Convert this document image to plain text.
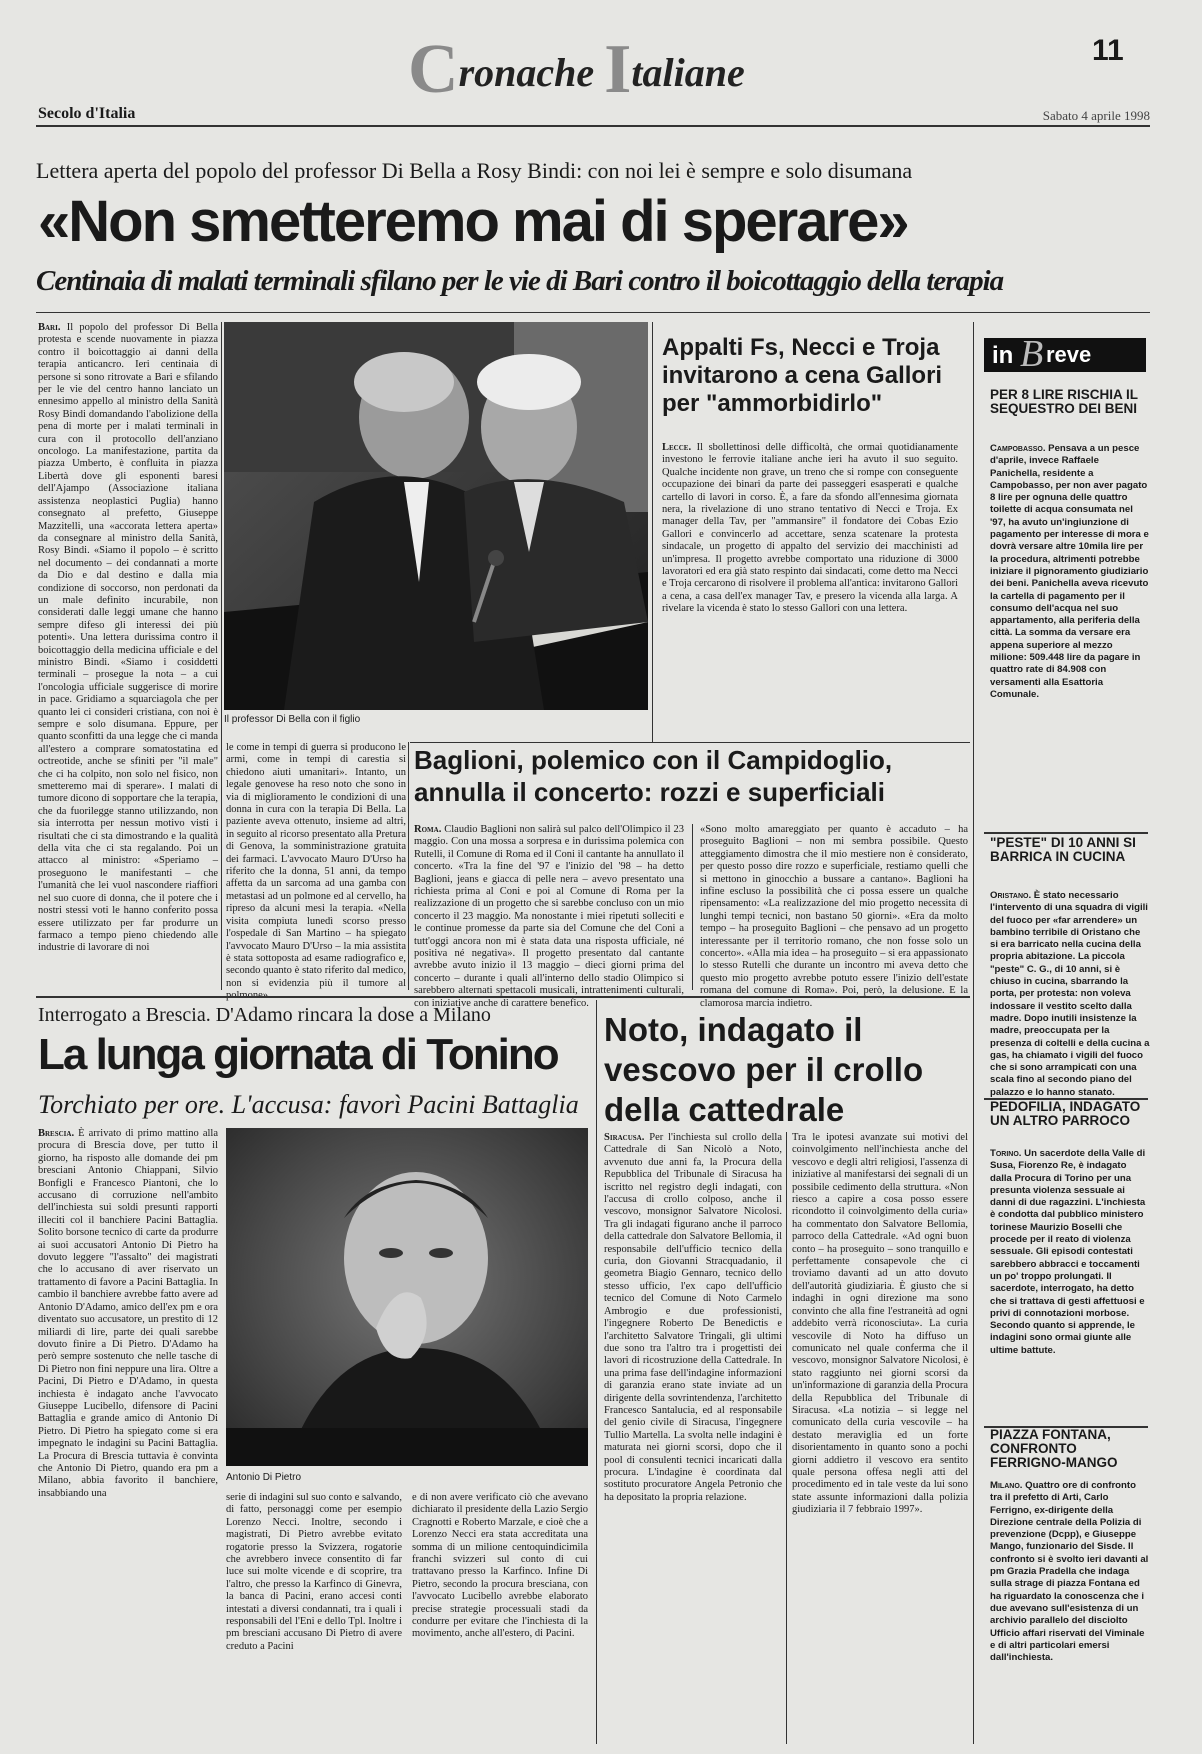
Cronache Italiane	11
Secolo d'Italia	Sabato 4 aprile 1998
Lettera aperta del popolo del professor Di Bella a Rosy Bindi: con noi lei è sempre e solo disumana
«Non smetteremo mai di sperare»
Centinaia di malati terminali sfilano per le vie di Bari contro il boicottaggio della terapia
Bari. Il popolo del professor Di Bella protesta e scende nuovamente in piazza contro il boicottaggio ai danni della terapia anticancro. Ieri centinaia di persone si sono ritrovate a Bari e sfilando per le vie del centro hanno lanciato un ennesimo appello al ministro della Sanità Rosy Bindi domandando l'abolizione della pena di morte per i malati terminali in cura con il protocollo dell'anziano oncologo. La manifestazione, partita da piazza Umberto, è confluita in piazza Libertà dove gli esponenti baresi dell'Ajampo (Associazione italiana assistenza neoplastici Puglia) hanno consegnato al prefetto, Giuseppe Mazzitelli, una «accorata lettera aperta» da consegnare al ministro della Sanità, Rosy Bindi. «Siamo il popolo – è scritto nel documento – dei condannati a morte da Dio e dal destino e dalla mia condizione di soccorso, non perdonati da un male definito incurabile, non considerati dalle leggi umane che hanno sempre difeso gli interessi dei più potenti». Una lettera durissima contro il boicottaggio della medicina ufficiale e del ministro Bindi. «Siamo i cosiddetti terminali – prosegue la nota – a cui l'oncologia ufficiale suggerisce di morire in pace. Gridiamo a squarciagola che per quanto lei ci consideri cristiana, con noi è sempre e solo disumana. Eppure, per quanto sconfitti da una legge che ci manda all'estero a comprare somatostatina ed octreotide, anche se sfiniti per "il male" che ci ha colpito, non solo nel fisico, non smetteremo mai di sperare». I malati di tumore dicono di sopportare che la terapia, che da fuorilegge stanno utilizzando, non sia interrotta per nessun motivo visti i risultati che ci sta dimostrando e la qualità della vita che ci sta regalando. Poi un attacco al ministro: «Speriamo – proseguono le manifestanti – che l'umanità che lei vuol nascondere riaffiori nel suo cuore di donna, che il potere che i nostri stessi voti le hanno conferito possa essere utilizzato per far produrre un farmaco a tempo pieno chiedendo alle industrie di lavorare di noi
Il professor Di Bella con il figlio
le come in tempi di guerra si producono le armi, come in tempi di carestia si chiedono aiuti umanitari». Intanto, un legale genovese ha reso noto che sono in via di miglioramento le condizioni di una donna in cura con la terapia Di Bella. La paziente aveva ottenuto, insieme ad altri, in seguito al ricorso presentato alla Pretura di Genova, la somministrazione gratuita dei farmaci. L'avvocato Mauro D'Urso ha riferito che la donna, 51 anni, da tempo affetta da un sarcoma ad una gamba con metastasi ad un polmone ed al cervello, ha ripreso da alcuni mesi la terapia. «Nella visita compiuta lunedì scorso presso l'ospedale di San Martino – ha spiegato l'avvocato Mauro D'Urso – la mia assistita è stata sottoposta ad esame radiografico e, secondo quanto è stato riferito dal medico, non si evidenzia più il tumore al
Appalti Fs, Necci e Troja invitarono a cena Gallori per "ammorbidirlo"
Lecce. Il sbollettinosi delle difficoltà, che ormai quotidianamente investono le ferrovie italiane anche ieri ha avuto il suo seguito. Qualche incidente non grave, un treno che si rompe con conseguente occupazione dei binari da parte dei passeggeri esasperati e qualche cartello di lavori in corso. È, a fare da sfondo all'ennesima giornata nera, la rivelazione di uno strano tentativo di Necci e Troja. Ex manager della Tav, per "ammansire" il fondatore dei Cobas Ezio Gallori e convincerlo ad accettare, senza scatenare la protesta sindacale, un progetto di appalto del servizio dei macchinisti ad un'impresa. Il progetto avrebbe comportato una riduzione di 3000 lavoratori ed era già stato respinto dai sindacati, come detto ma Necci e Troja cercarono di risolvere il problema all'antica: invitarono Gallori a cena, a casa dell'ex manager Tav, e presero la vicenda alla larga. A rivelare la vicenda è stato lo stesso Gallori con una lettera.
Baglioni, polemico con il Campidoglio, annulla il concerto: rozzi e superficiali
Roma. Claudio Baglioni non salirà sul palco dell'Olimpico il 23 maggio. Con una mossa a sorpresa e in durissima polemica con Rutelli, il Comune di Roma ed il Coni il cantante ha annullato il concerto. «Tra la fine del '97 e l'inizio del '98 – ha detto Baglioni, jeans e giacca di pelle nera – avevo presentato una richiesta prima al Coni e poi al Comune di Roma per la realizzazione di un progetto che si sarebbe concluso con un mio concerto il 23 maggio. Ma nonostante i miei ripetuti solleciti e le continue promesse da parte sia del Comune che del Coni a tutt'oggi ancora non mi è stata data una risposta ufficiale, né positiva né negativa». Il progetto presentato dal cantante avrebbe avuto inizio il 13 maggio – dieci giorni prima del concerto – durante i quali all'interno dello stadio Olimpico si sarebbero alternati spettacoli musicali, intrattenimenti culturali, con iniziative anche di carattere benefico.
«Sono molto amareggiato per quanto è accaduto – ha proseguito Baglioni – non mi sembra possibile. Questo atteggiamento dimostra che il mio mestiere non è considerato, per questo posso dire rozzo e superficiale, restiamo quelli che si mettono in ginocchio a bussare a cantano». Baglioni ha infine escluso la possibilità che ci possa essere un qualche ripensamento: «La realizzazione del mio progetto necessita di lunghi tempi tecnici, non bastano 50 giorni». «Era da molto tempo – ha proseguito Baglioni – che pensavo ad un progetto interessante per il territorio romano, che non fosse solo un concerto». «Alla mia idea – ha proseguito – si era appassionato lo stesso Rutelli che durante un incontro mi aveva detto che questo mio progetto avrebbe potuto essere l'inizio dell'estate romana del comune di Roma». Poi, però, la delusione. E la clamorosa marcia indietro.
in B reve
PER 8 LIRE RISCHIA IL SEQUESTRO DEI BENI
Campobasso. Pensava a un pesce d'aprile, invece Raffaele Panichella, residente a Campobasso, per non aver pagato 8 lire per ognuna delle quattro toilette di acqua consumata nel '97, ha avuto un'ingiunzione di pagamento per interesse di mora e dovrà versare altre 10mila lire per la procedura, altrimenti potrebbe iniziare il pignoramento giudiziario dei beni. Panichella aveva ricevuto la cartella di pagamento per il consumo dell'acqua nel suo appartamento, alla periferia della città. La somma da versare era appena superiore al mezzo milione: 509.448 lire da pagare in quattro rate di 84.908 con versamenti alla Esattoria Comunale.
"PESTE" DI 10 ANNI SI BARRICA IN CUCINA
Oristano. È stato necessario l'intervento di una squadra di vigili del fuoco per «far arrendere» un bambino terribile di Oristano che si era barricato nella cucina della propria abitazione. La piccola "peste" C. G., di 10 anni, si è chiuso in cucina, sbarrando la porta, per protesta: non voleva indossare il vestito scelto dalla madre. Dopo inutili insistenze la madre, preoccupata per la presenza di coltelli e della cucina a gas, ha chiamato i vigili del fuoco che si sono arrampicati con una scala fino al secondo piano del palazzo e lo hanno stanato.
PEDOFILIA, INDAGATO UN ALTRO PARROCO
Torino. Un sacerdote della Valle di Susa, Fiorenzo Re, è indagato dalla Procura di Torino per una presunta violenza sessuale ai danni di due ragazzini. L'inchiesta è condotta dal pubblico ministero torinese Maurizio Boselli che procede per il reato di violenza sessuale. Gli episodi contestati sarebbero abbracci e toccamenti un po' troppo prolungati. Il sacerdote, interrogato, ha detto che si trattava di gesti affettuosi e privi di connotazioni morbose. Secondo quanto si apprende, le indagini sono ormai giunte alle ultime battute.
PIAZZA FONTANA, CONFRONTO FERRIGNO-MANGO
Milano. Quattro ore di confronto tra il prefetto di Arti, Carlo Ferrigno, ex-dirigente della Direzione centrale della Polizia di prevenzione (Dcpp), e Giuseppe Mango, funzionario del Sisde. Il confronto si è svolto ieri davanti al pm Grazia Pradella che indaga sulla strage di piazza Fontana ed ha riguardato la conoscenza che i due avevano sull'esistenza di un archivio parallelo del disciolto Ufficio affari riservati del Viminale e di altri particolari emersi dall'inchiesta.
Interrogato a Brescia. D'Adamo rincara la dose a Milano
La lunga giornata di Tonino
Torchiato per ore. L'accusa: favorì Pacini Battaglia
Brescia. È arrivato di primo mattino alla procura di Brescia dove, per tutto il giorno, ha risposto alle domande dei pm bresciani Antonio Chiappani, Silvio Bonfigli e Francesco Piantoni, che lo accusano di corruzione nell'ambito dell'inchiesta sui soldi presunti rapporti illeciti col il banchiere Pacini Battaglia. Solito borsone tecnico di carte da produrre ai suoi accusatori Antonio Di Pietro ha dovuto leggere "l'assalto" dei magistrati che lo accusano di aver riservato un trattamento di favore a Pacini Battaglia. In cambio il banchiere avrebbe fatto avere ad Antonio D'Adamo, amico dell'ex pm e ora diventato suo accusatore, un prestito di 12 miliardi di lire, parte dei quali sarebbe dovuto finire a Di Pietro. D'Adamo ha però sempre sostenuto che nelle tasche di Di Pietro non fini neppure una lira. Oltre a Pacini, Di Pietro e D'Adamo, in questa inchiesta è indagato anche l'avvocato Giuseppe Lucibello, difensore di Pacini Battaglia e grande amico di Antonio Di Pietro. Di Pietro ha spiegato come si era impegnato le indagini su Pacini Battaglia. La Procura di Brescia tuttavia è convinta che Antonio Di Pietro, quando era pm a Milano, abbia favorito il banchiere, insabbiando una
Antonio Di Pietro
serie di indagini sul suo conto e salvando, di fatto, personaggi come per esempio Lorenzo Necci. Inoltre, secondo i magistrati, Di Pietro avrebbe evitato rogatorie presso la Svizzera, rogatorie che avrebbero invece consentito di far luce sui molte vicende e di scoprire, tra l'altro, che presso la Karfinco di Ginevra, la banca di Pacini, erano accesi conti intestati a diversi condannati, tra i quali i responsabili del l'Eni e dello Tpl. Inoltre i pm bresciani accusano Di Pietro di avere creduto a Pacini
e di non avere verificato ciò che avevano dichiarato il presidente della Lazio Sergio Cragnotti e Roberto Marzale, e cioè che a Lorenzo Necci era stata accreditata una somma di un milione centoquindicimila franchi svizzeri sul conto di cui trattavano presso la Karfinco. Infine Di Pietro, secondo la procura bresciana, con l'avvocato Lucibello avrebbe elaborato precise strategie processuali stadi da condurre per evitare che l'inchiesta di la movimento, anche all'estero, di Pacini.
Noto, indagato il vescovo per il crollo della cattedrale
Siracusa. Per l'inchiesta sul crollo della Cattedrale di San Nicolò a Noto, avvenuto due anni fa, la Procura della Repubblica del Tribunale di Siracusa ha iscritto nel registro degli indagati, con l'accusa di crollo colposo, anche il vescovo, monsignor Salvatore Nicolosi. Tra gli indagati figurano anche il parroco della cattedrale don Salvatore Bellomia, il responsabile dell'ufficio tecnico della curia, don Giovanni Stracquadanio, il geometra Biagio Gennaro, tecnico dello stesso ufficio, l'ex capo dell'ufficio tecnico del Comune di Noto Carmelo Ambrogio e due professionisti, l'ingegnere Roberto De Benedictis e l'architetto Salvatore Tringali, gli ultimi due sono tra l'altro tra i progettisti dei lavori di ricostruzione della Cattedrale. In una prima fase dell'indagine informazioni di garanzia erano state inviate ad un dirigente della sovrintendenza, l'architetto Francesco Santalucia, ed al responsabile del genio civile di Siracusa, l'ingegnere Tullio Martella. La svolta nelle indagini è maturata nei giorni scorsi, dopo che il pool di consulenti tecnici incaricati dalla procura. L'indagine è coordinata dal sostituto procuratore Angela Petronio che ha depositato la propria relazione.
Tra le ipotesi avanzate sui motivi del coinvolgimento nell'inchiesta anche del vescovo e degli altri religiosi, l'assenza di iniziative al manifestarsi dei segnali di un possibile cedimento della struttura. «Non riesco a capire a cosa posso essere ricondotto il coinvolgimento della curia» ha commentato don Salvatore Bellomia, parroco della Cattedrale. «Ad ogni buon conto – ha proseguito – sono tranquillo e perfettamente consapevole che ci troviamo davanti ad un atto dovuto dell'autorità giudiziaria. È giusto che si indaghi in ogni direzione ma sono convinto che alla fine l'estraneità ad ogni addebito verrà riconosciuta». La curia vescovile di Noto ha diffuso un comunicato nel quale conferma che il vescovo, monsignor Salvatore Nicolosi, è stato raggiunto nei giorni scorsi da un'informazione di garanzia della Procura della Repubblica del Tribunale di Siracusa. «La notizia – si legge nel comunicato della curia vescovile – ha destato meraviglia ed un forte disorientamento in quanto sono a pochi giorni addietro il vescovo era sentito quale persona offesa negli atti del procedimento ed in tale veste da lui sono state assunte informazioni dalla polizia giudiziaria il 7 febbraio 1997».
